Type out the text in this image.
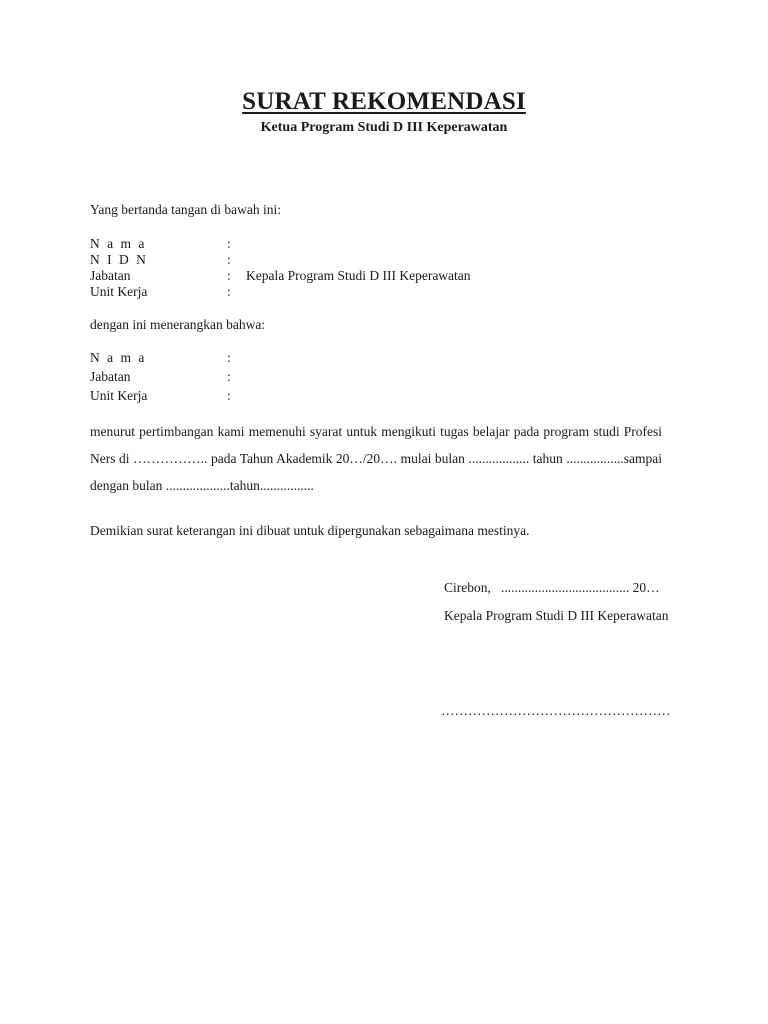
SURAT REKOMENDASI
Ketua Program Studi D III Keperawatan
Yang bertanda tangan di bawah ini:
N a m a	:
N I D N	:
Jabatan	: Kepala Program Studi D III Keperawatan
Unit Kerja	:
dengan ini menerangkan bahwa:
N a m a	:
Jabatan	:
Unit Kerja	:
menurut pertimbangan kami memenuhi syarat untuk mengikuti tugas belajar pada program studi Profesi Ners di …………….. pada Tahun Akademik 20…/20…. mulai bulan .................. tahun .................sampai dengan bulan ...................tahun................
Demikian surat keterangan ini dibuat untuk dipergunakan sebagaimana mestinya.
Cirebon,   ...................................... 20…
Kepala Program Studi D III Keperawatan
……………………………………………
